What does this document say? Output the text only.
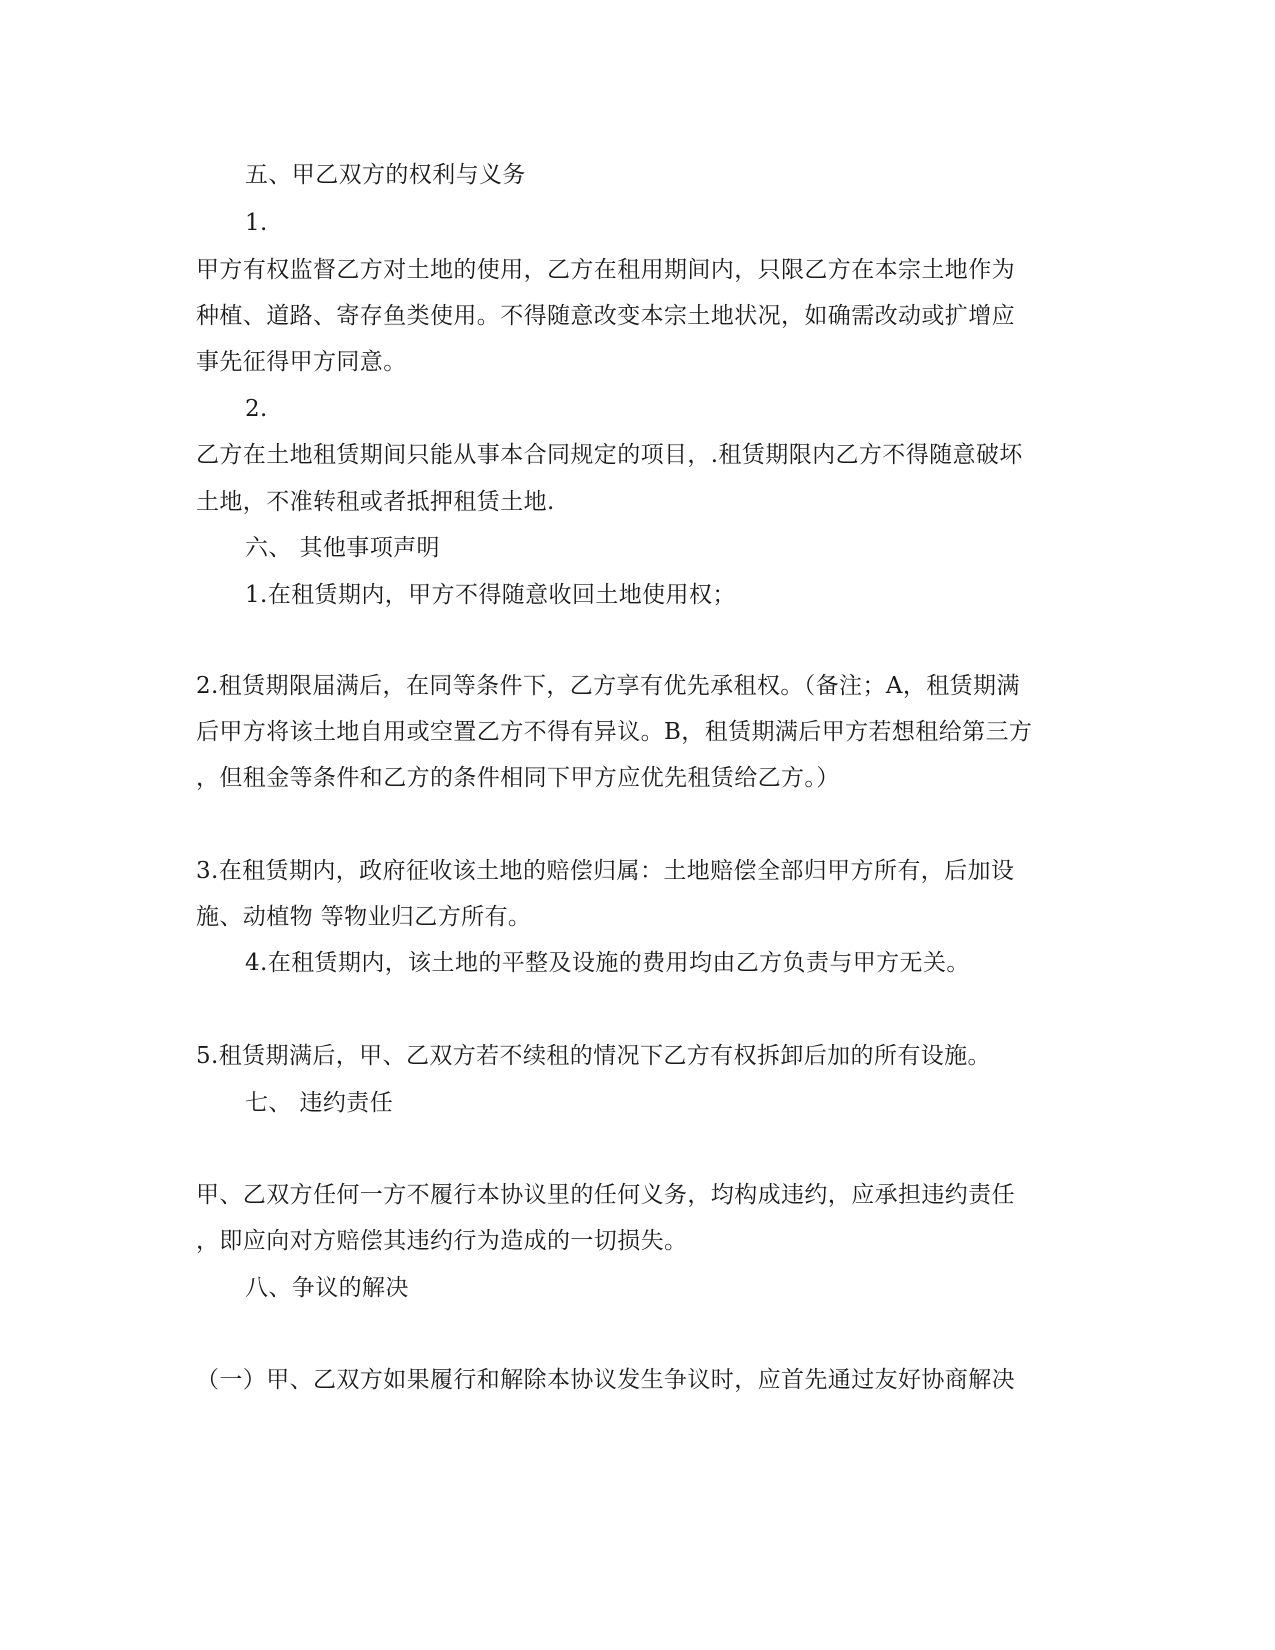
五、甲乙双方的权利与义务
1.
甲方有权监督乙方对土地的使用，乙方在租用期间内，只限乙方在本宗土地作为
种植、道路、寄存鱼类使用。不得随意改变本宗土地状况，如确需改动或扩增应
事先征得甲方同意。
2.
乙方在土地租赁期间只能从事本合同规定的项目，.租赁期限内乙方不得随意破坏
土地，不准转租或者抵押租赁土地.
六、 其他事项声明
1.在租赁期内，甲方不得随意收回土地使用权；
2.租赁期限届满后，在同等条件下，乙方享有优先承租权。（备注；A，租赁期满
后甲方将该土地自用或空置乙方不得有异议。B，租赁期满后甲方若想租给第三方
，但租金等条件和乙方的条件相同下甲方应优先租赁给乙方。）
3.在租赁期内，政府征收该土地的赔偿归属：土地赔偿全部归甲方所有，后加设
施、动植物 等物业归乙方所有。
4.在租赁期内，该土地的平整及设施的费用均由乙方负责与甲方无关。
5.租赁期满后，甲、乙双方若不续租的情况下乙方有权拆卸后加的所有设施。
七、 违约责任
甲、乙双方任何一方不履行本协议里的任何义务，均构成违约，应承担违约责任
，即应向对方赔偿其违约行为造成的一切损失。
八、争议的解决
（一）甲、乙双方如果履行和解除本协议发生争议时，应首先通过友好协商解决
